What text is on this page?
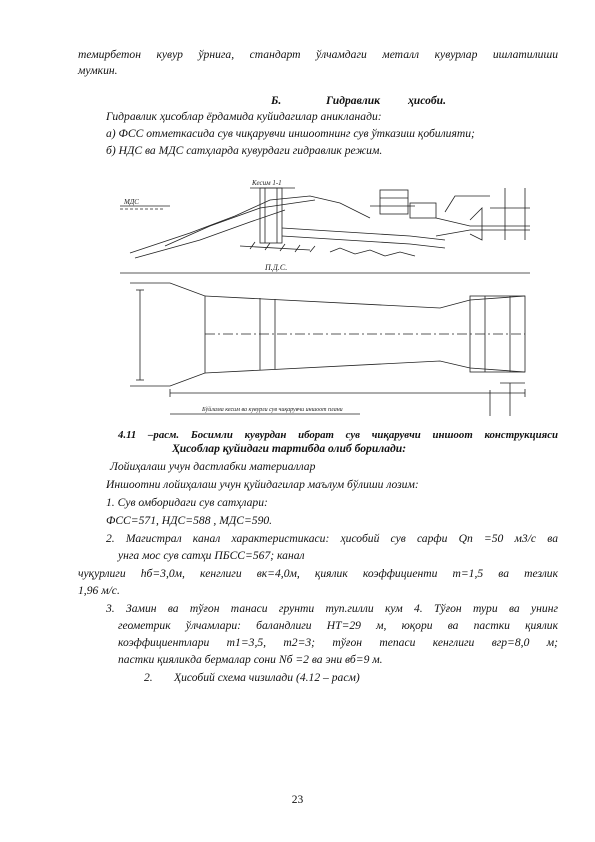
темирбетон кувур ўрнига, стандарт ўлчамдаги металл кувурлар ишлатилиши
мумкин.
Б.	Гидравлик ҳисоби.
Гидравлик ҳисоблар ёрдамида куйидагилар аникланади:
а) ФСС отметкасида сув чиқарувчи иншоотнинг сув ўтказиш қобилияти;
б) НДС ва МДС сатҳларда кувурдаги гидравлик режим.
МДС
П.Д.С.
Кесим 1-1
Бўйлама кесим ва кувурли сув чиқарувчи иншоот плани
4.11 –расм. Босимли кувурдан иборат сув чиқарувчи иншоот конструкцияси
Ҳисоблар қуйидаги тартибда олиб борилади:
Лойиҳалаш учун дастлабки материаллар
Иншоотни лойиҳалаш учун қуйидагилар маълум бўлиши лозим:
1. Сув омборидаги сув сатҳлари:
ФСС=571, НДС=588 , МДС=590.
2. Магистрал канал характеристикаси: ҳисобий сув сарфи Qп =50 м3/с ва
унга мос сув сатҳи ПБСС=567; канал
чуқурлиги hб=3,0м, кенглиги вк=4,0м, қиялик коэффициенти m=1,5 ва тезлик
1,96 м/с.
3. Замин ва тўғон танаси грунти туп.гилли кум 4. Тўғон тури ва унинг
геометрик ўлчамлари: баландлиги НТ=29 м, юқори ва пастки қиялик
коэффициентлари m1=3,5, m2=3; тўғон тепаси кенглиги вгр=8,0 м;
пастки қияликда бермалар сони Nб =2 ва эни вб=9 м.
2. Ҳисобий схема чизилади (4.12 – расм)
23
